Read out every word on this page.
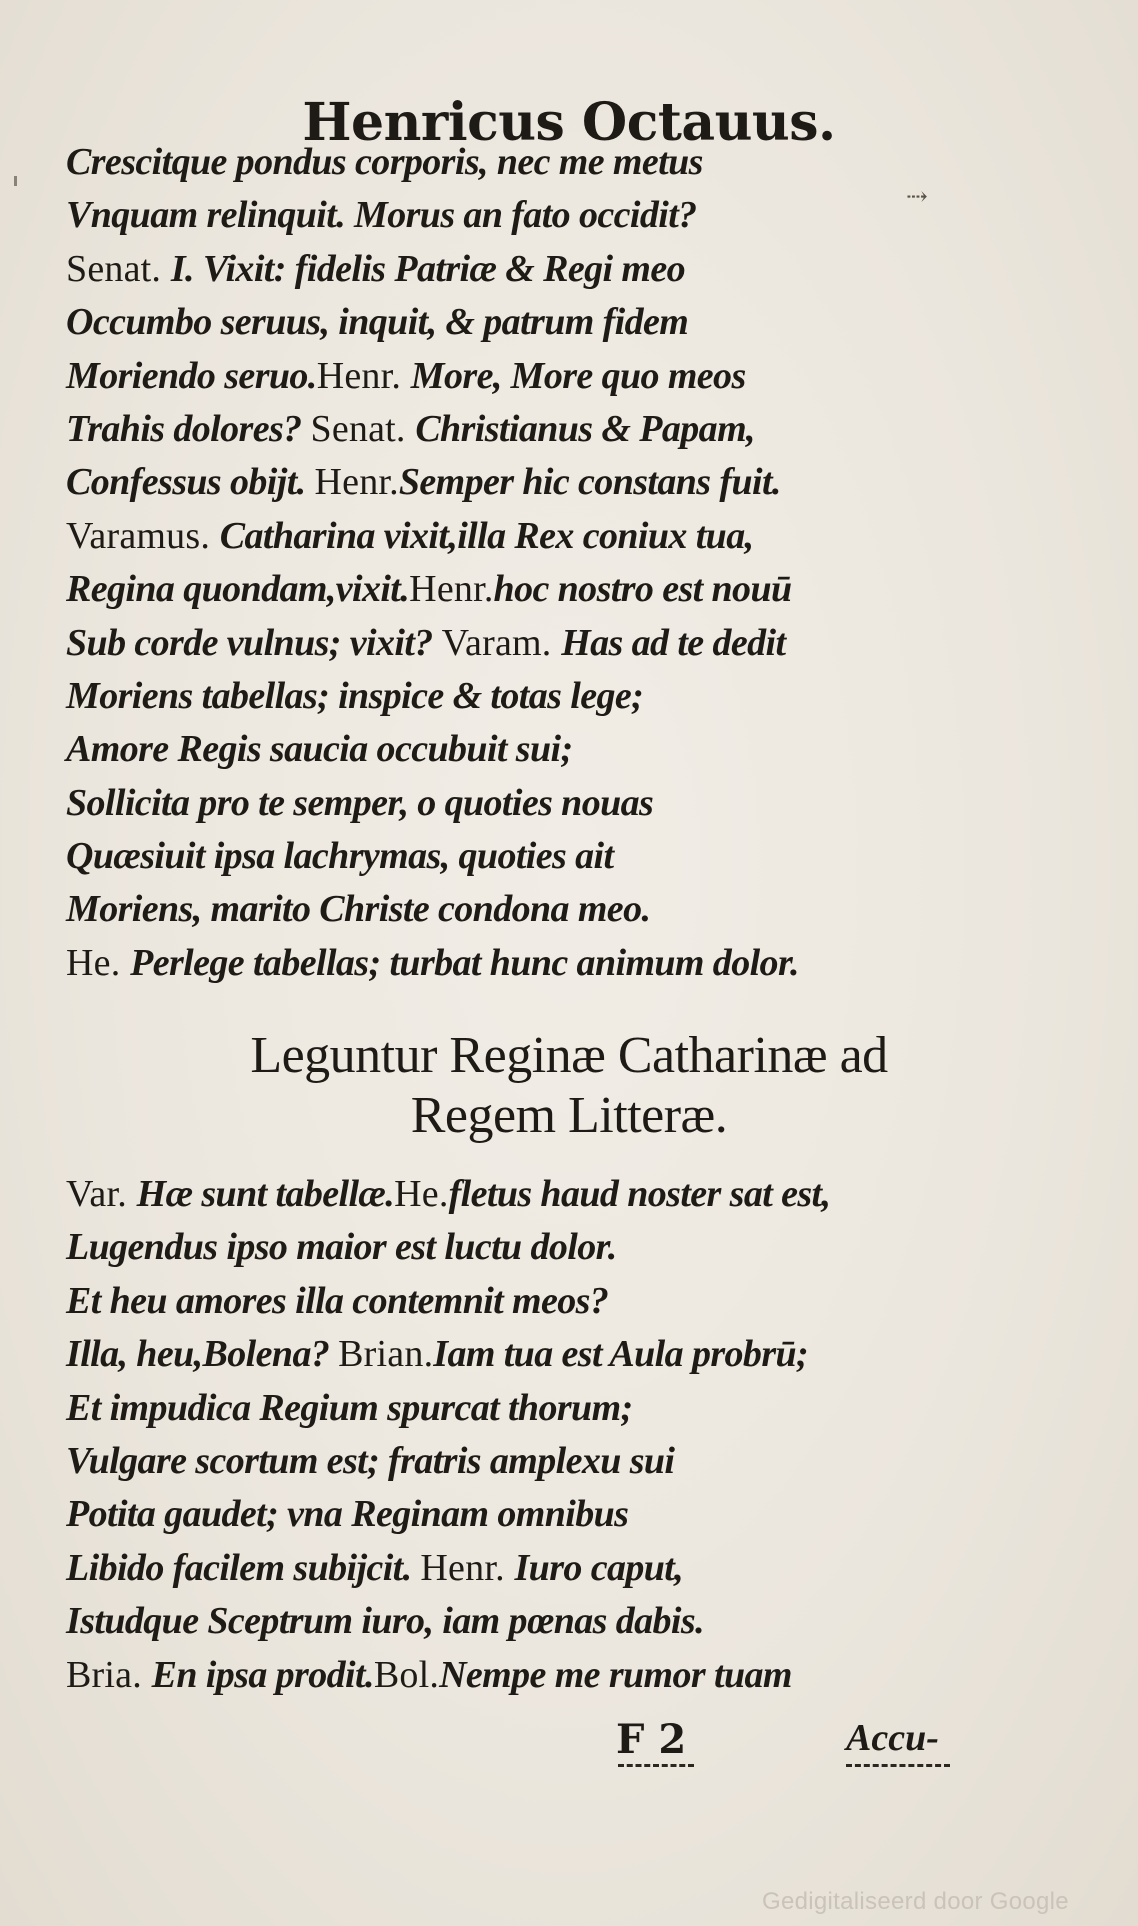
⇢
Henricus Octauus.
Crescitque pondus corporis, nec me metus
Vnquam relinquit. Morus an fato occidit?
Senat. I. Vixit: fidelis Patriæ & Regi meo
Occumbo seruus, inquit, & patrum fidem
Moriendo seruo.Henr. More, More quo meos
Trahis dolores? Senat. Christianus & Papam,
Confessus obijt. Henr.Semper hic constans fuit.
Varamus. Catharina vixit,illa Rex coniux tua,
Regina quondam,vixit.Henr.hoc nostro est nouū
Sub corde vulnus; vixit? Varam. Has ad te dedit
Moriens tabellas; inspice & totas lege;
Amore Regis saucia occubuit sui;
Sollicita pro te semper, o quoties nouas
Quæsiuit ipsa lachrymas, quoties ait
Moriens, marito Christe condona meo.
He. Perlege tabellas; turbat hunc animum dolor.
Leguntur Reginæ Catharinæ ad
Regem Litteræ.
Var. Hæ sunt tabellæ.He.fletus haud noster sat est,
Lugendus ipso maior est luctu dolor.
Et heu amores illa contemnit meos?
Illa, heu,Bolena? Brian.Iam tua est Aula probrū;
Et impudica Regium spurcat thorum;
Vulgare scortum est; fratris amplexu sui
Potita gaudet; vna Reginam omnibus
Libido facilem subijcit. Henr. Iuro caput,
Istudque Sceptrum iuro, iam pœnas dabis.
Bria. En ipsa prodit.Bol.Nempe me rumor tuam
F 2	Accu-
Gedigitaliseerd door Google
